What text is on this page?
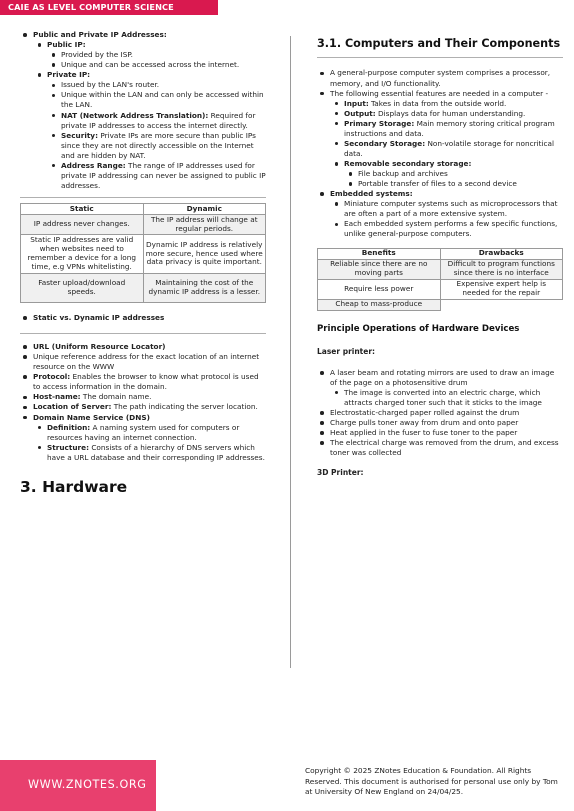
CAIE AS LEVEL COMPUTER SCIENCE
Public and Private IP Addresses:
Public IP:
Provided by the ISP.
Unique and can be accessed across the internet.
Private IP:
Issued by the LAN's router.
Unique within the LAN and can only be accessed within the LAN.
NAT (Network Address Translation): Required for private IP addresses to access the internet directly.
Security: Private IPs are more secure than public IPs since they are not directly accessible on the Internet and are hidden by NAT.
Address Range: The range of IP addresses used for private IP addressing can never be assigned to public IP addresses.
Static	Dynamic
IP address never changes.	The IP address will change at regular periods.
Static IP addresses are valid when websites need to remember a device for a long time, e.g VPNs whitelisting.	Dynamic IP address is relatively more secure, hence used where data privacy is quite important.
Faster upload/download speeds.	Maintaining the cost of the dynamic IP address is a lesser.
Static vs. Dynamic IP addresses
URL (Uniform Resource Locator)
Unique reference address for the exact location of an internet resource on the WWW
Protocol: Enables the browser to know what protocol is used to access information in the domain.
Host-name: The domain name.
Location of Server: The path indicating the server location.
Domain Name Service (DNS)
Definition: A naming system used for computers or resources having an internet connection.
Structure: Consists of a hierarchy of DNS servers which have a URL database and their corresponding IP addresses.
3. Hardware
3.1. Computers and Their Components
A general-purpose computer system comprises a processor, memory, and I/O functionality.
The following essential features are needed in a computer -
Input: Takes in data from the outside world.
Output: Displays data for human understanding.
Primary Storage: Main memory storing critical program instructions and data.
Secondary Storage: Non-volatile storage for noncritical data.
Removable secondary storage:
File backup and archives
Portable transfer of files to a second device
Embedded systems:
Miniature computer systems such as microprocessors that are often a part of a more extensive system.
Each embedded system performs a few specific functions, unlike general-purpose computers.
Benefits	Drawbacks
Reliable since there are no moving parts	Difficult to program functions since there is no interface
Require less power	Expensive expert help is needed for the repair
Cheap to mass-produce	
Principle Operations of Hardware Devices
Laser printer:
A laser beam and rotating mirrors are used to draw an image of the page on a photosensitive drum
The image is converted into an electric charge, which attracts charged toner such that it sticks to the image
Electrostatic-charged paper rolled against the drum
Charge pulls toner away from drum and onto paper
Heat applied in the fuser to fuse toner to the paper
The electrical charge was removed from the drum, and excess toner was collected
3D Printer:
WWW.ZNOTES.ORG
Copyright © 2025 ZNotes Education & Foundation. All Rights Reserved. This document is authorised for personal use only by Tom at University Of New England on 24/04/25.
